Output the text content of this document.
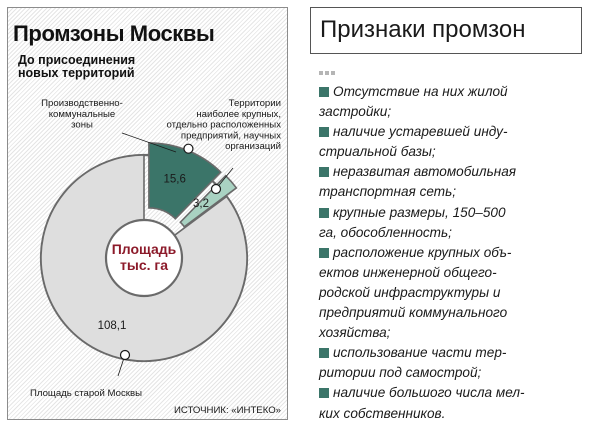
Промзоны Москвы
До присоединения
новых территорий
Площадь
тыс. га
15,6
3,2
108,1
Производственно-коммунальные зоны
Территории наиболее крупных, отдельно расположенных предприятий, научных организаций
Площадь старой Москвы
ИСТОЧНИК: «ИНТЕКО»
Признаки промзон
Отсутствие на них жилой
застройки;
наличие устаревшей инду-
стриальной базы;
неразвитая автомобильная
транспортная сеть;
крупные размеры, 150–500
га, обособленность;
расположение крупных объ-
ектов инженерной общего-
родской инфраструктуры и
предприятий коммунального
хозяйства;
использование части тер-
ритории под самострой;
наличие большого числа мел-
ких собственников.
